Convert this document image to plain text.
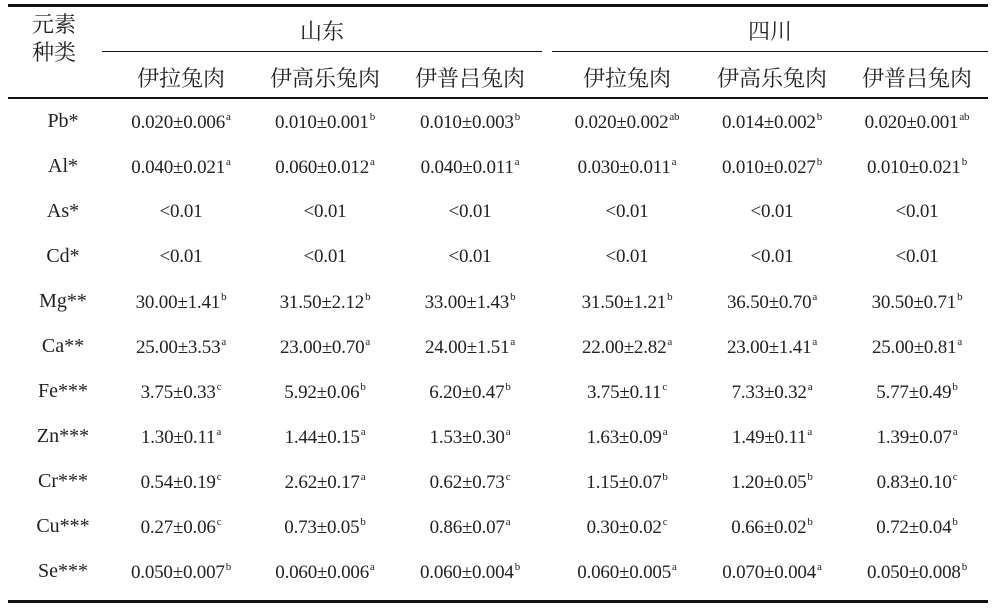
元素
种类
山东	四川
伊拉兔肉	伊高乐兔肉	伊普吕兔肉	伊拉兔肉	伊高乐兔肉	伊普吕兔肉
Pb*	0.020±0.006$^a$	0.010±0.001$^b$	0.010±0.003$^b$	0.020±0.002$^{ab}$	0.014±0.002$^b$	0.020±0.001$^{ab}$
Al*	0.040±0.021$^a$	0.060±0.012$^a$	0.040±0.011$^a$	0.030±0.011$^a$	0.010±0.027$^b$	0.010±0.021$^b$
As*	<0.01	<0.01	<0.01	<0.01	<0.01	<0.01
Cd*	<0.01	<0.01	<0.01	<0.01	<0.01	<0.01
Mg**	30.00±1.41$^b$	31.50±2.12$^b$	33.00±1.43$^b$	31.50±1.21$^b$	36.50±0.70$^a$	30.50±0.71$^b$
Ca**	25.00±3.53$^a$	23.00±0.70$^a$	24.00±1.51$^a$	22.00±2.82$^a$	23.00±1.41$^a$	25.00±0.81$^a$
Fe***	3.75±0.33$^c$	5.92±0.06$^b$	6.20±0.47$^b$	3.75±0.11$^c$	7.33±0.32$^a$	5.77±0.49$^b$
Zn***	1.30±0.11$^a$	1.44±0.15$^a$	1.53±0.30$^a$	1.63±0.09$^a$	1.49±0.11$^a$	1.39±0.07$^a$
Cr***	0.54±0.19$^c$	2.62±0.17$^a$	0.62±0.73$^c$	1.15±0.07$^b$	1.20±0.05$^b$	0.83±0.10$^c$
Cu***	0.27±0.06$^c$	0.73±0.05$^b$	0.86±0.07$^a$	0.30±0.02$^c$	0.66±0.02$^b$	0.72±0.04$^b$
Se***	0.050±0.007$^b$	0.060±0.006$^a$	0.060±0.004$^b$	0.060±0.005$^a$	0.070±0.004$^a$	0.050±0.008$^b$
